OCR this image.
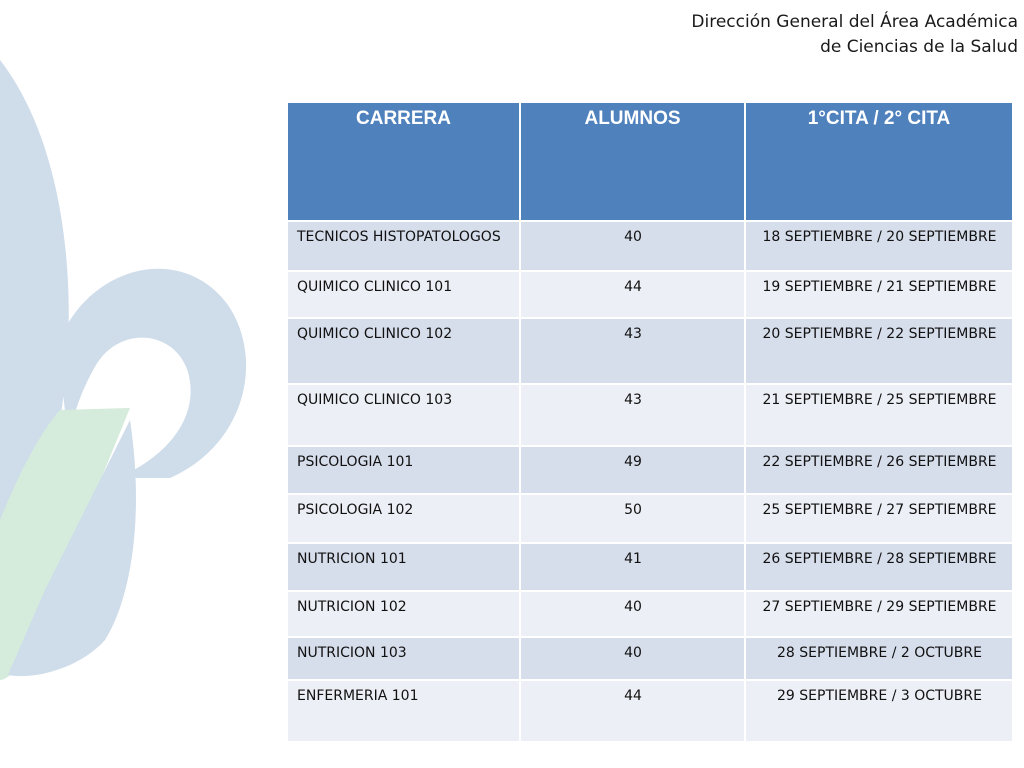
Dirección General del Área Académica
de Ciencias de la Salud
CARRERA	ALUMNOS	1°CITA / 2° CITA
TECNICOS HISTOPATOLOGOS	40	18 SEPTIEMBRE / 20 SEPTIEMBRE
QUIMICO CLINICO 101	44	19 SEPTIEMBRE / 21 SEPTIEMBRE
QUIMICO CLINICO 102	43	20 SEPTIEMBRE / 22 SEPTIEMBRE
QUIMICO CLINICO 103	43	21 SEPTIEMBRE / 25 SEPTIEMBRE
PSICOLOGIA 101	49	22 SEPTIEMBRE / 26 SEPTIEMBRE
PSICOLOGIA 102	50	25 SEPTIEMBRE / 27 SEPTIEMBRE
NUTRICION 101	41	26 SEPTIEMBRE / 28 SEPTIEMBRE
NUTRICION 102	40	27 SEPTIEMBRE / 29 SEPTIEMBRE
NUTRICION 103	40	28 SEPTIEMBRE / 2 OCTUBRE
ENFERMERIA 101	44	29 SEPTIEMBRE / 3 OCTUBRE
